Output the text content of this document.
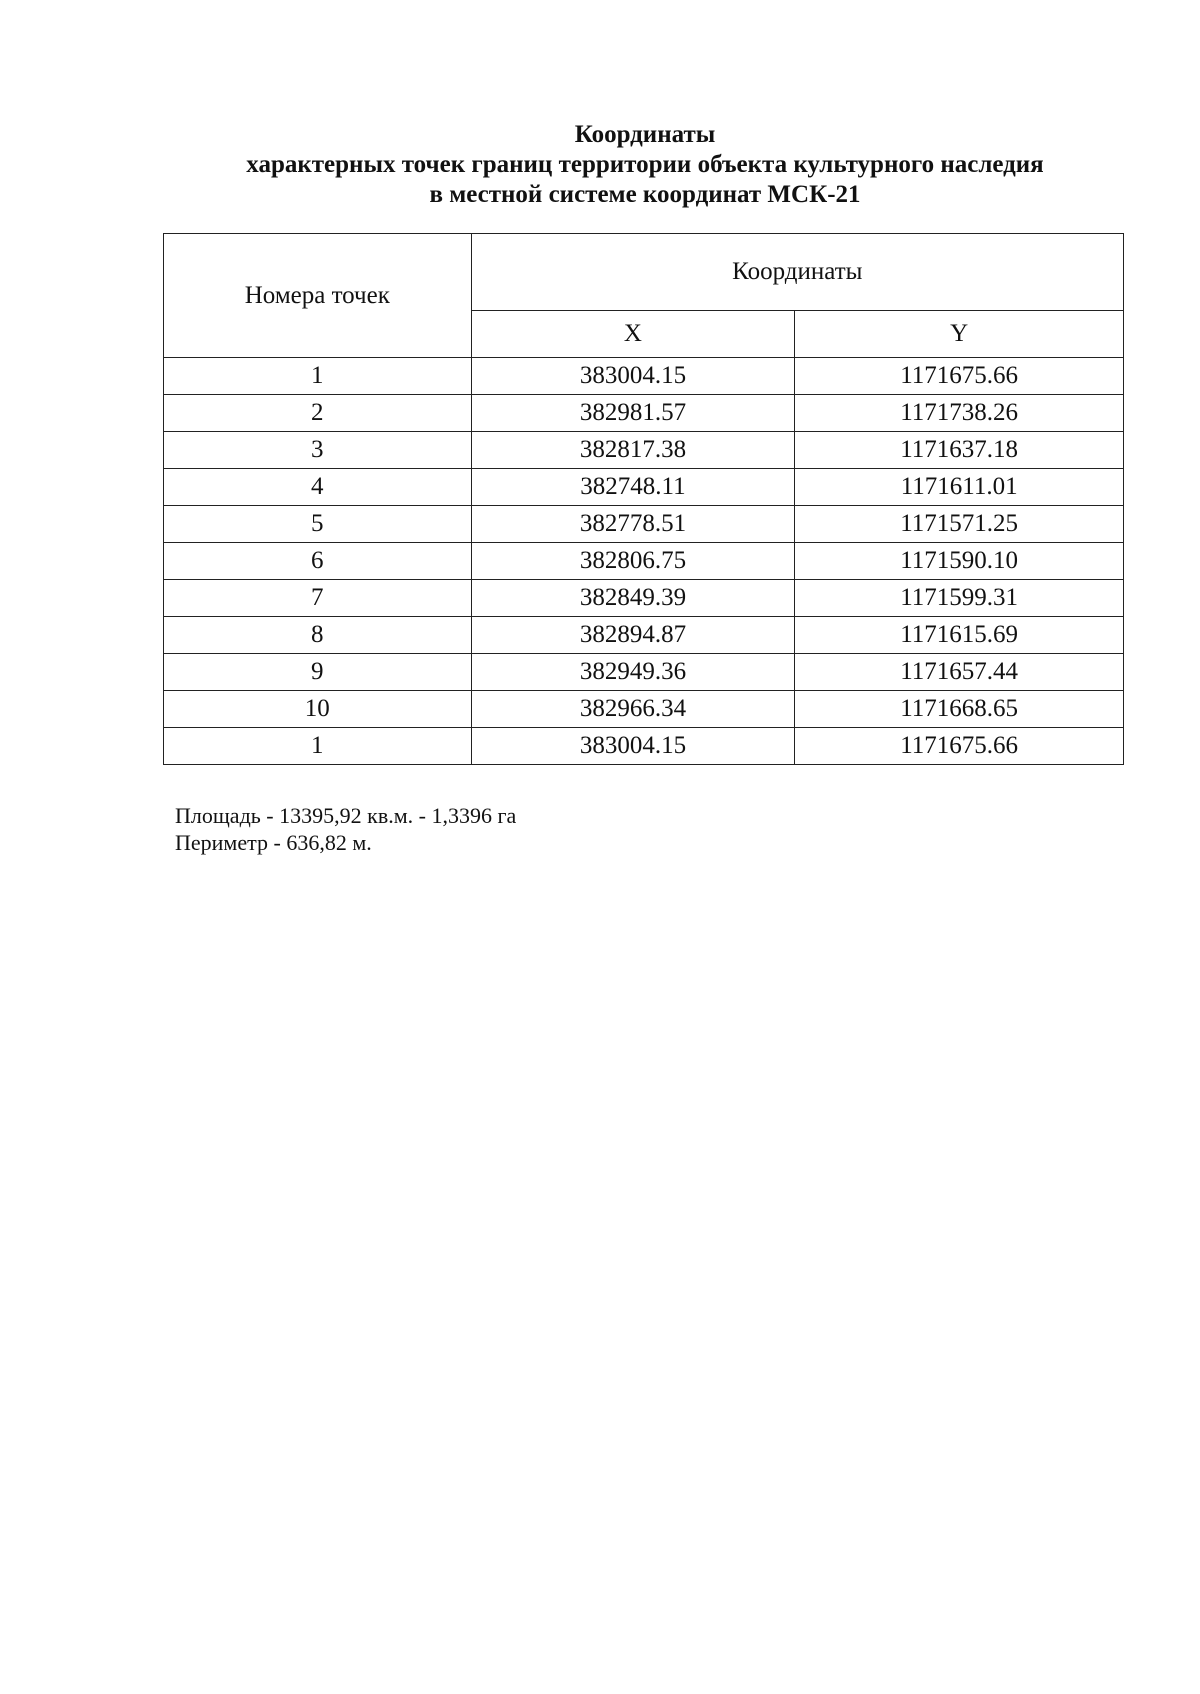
Координаты
характерных точек границ территории объекта культурного наследия
в местной системе координат МСК-21
Номера точек	Координаты	
	X	Y
1	383004.15	1171675.66
2	382981.57	1171738.26
3	382817.38	1171637.18
4	382748.11	1171611.01
5	382778.51	1171571.25
6	382806.75	1171590.10
7	382849.39	1171599.31
8	382894.87	1171615.69
9	382949.36	1171657.44
10	382966.34	1171668.65
1	383004.15	1171675.66
Площадь - 13395,92 кв.м. - 1,3396 га
Периметр - 636,82 м.
